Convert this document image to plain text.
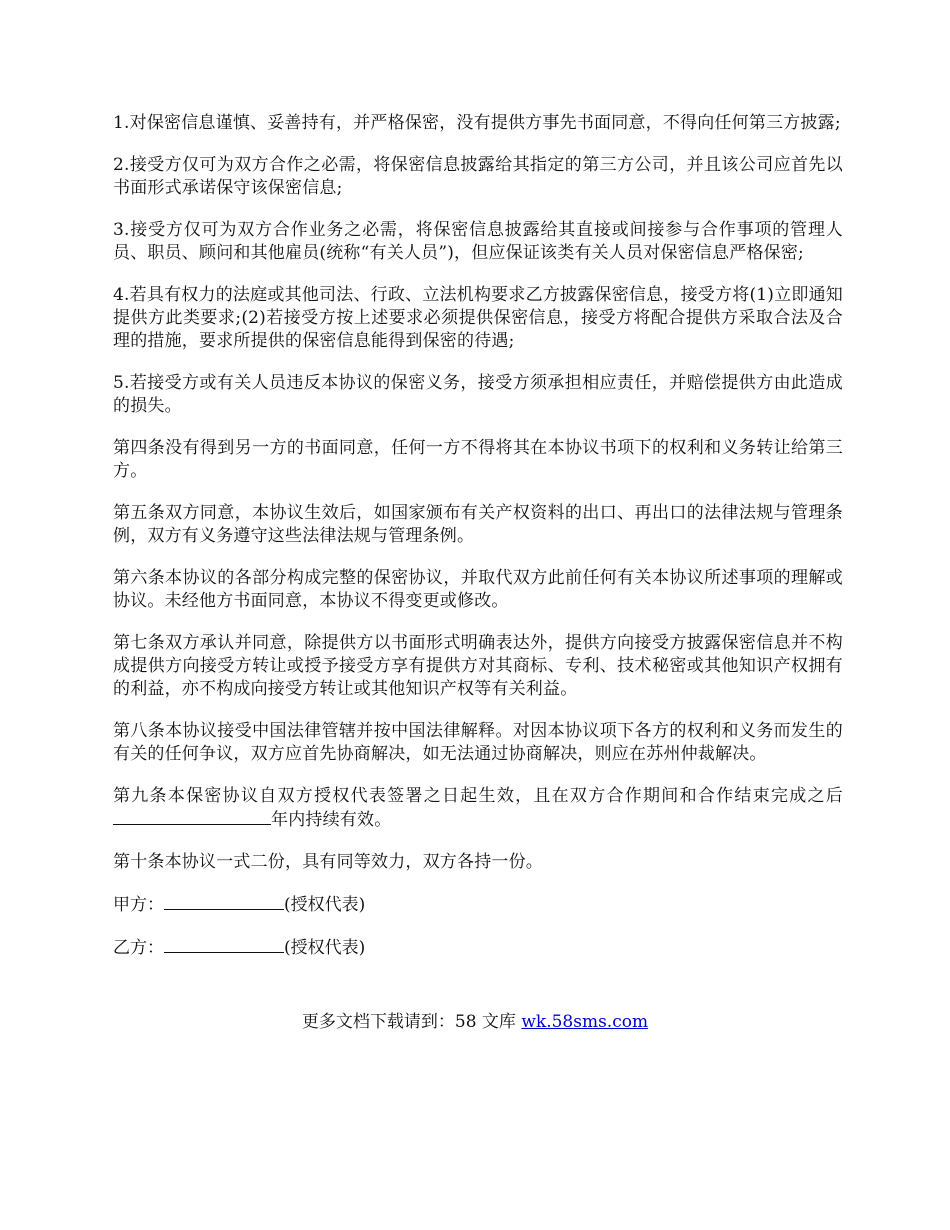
1.对保密信息谨慎、妥善持有，并严格保密，没有提供方事先书面同意，不得向任何第三方披露;

2.接受方仅可为双方合作之必需，将保密信息披露给其指定的第三方公司，并且该公司应首先以书面形式承诺保守该保密信息;

3.接受方仅可为双方合作业务之必需，将保密信息披露给其直接或间接参与合作事项的管理人员、职员、顾问和其他雇员(统称“有关人员”)，但应保证该类有关人员对保密信息严格保密;

4.若具有权力的法庭或其他司法、行政、立法机构要求乙方披露保密信息，接受方将(1)立即通知提供方此类要求;(2)若接受方按上述要求必须提供保密信息，接受方将配合提供方采取合法及合理的措施，要求所提供的保密信息能得到保密的待遇;

5.若接受方或有关人员违反本协议的保密义务，接受方须承担相应责任，并赔偿提供方由此造成的损失。

第四条没有得到另一方的书面同意，任何一方不得将其在本协议书项下的权利和义务转让给第三方。

第五条双方同意，本协议生效后，如国家颁布有关产权资料的出口、再出口的法律法规与管理条例，双方有义务遵守这些法律法规与管理条例。

第六条本协议的各部分构成完整的保密协议，并取代双方此前任何有关本协议所述事项的理解或协议。未经他方书面同意，本协议不得变更或修改。

第七条双方承认并同意，除提供方以书面形式明确表达外，提供方向接受方披露保密信息并不构成提供方向接受方转让或授予接受方享有提供方对其商标、专利、技术秘密或其他知识产权拥有的利益，亦不构成向接受方转让或其他知识产权等有关利益。

第八条本协议接受中国法律管辖并按中国法律解释。对因本协议项下各方的权利和义务而发生的有关的任何争议，双方应首先协商解决，如无法通过协商解决，则应在苏州仲裁解决。

第九条本保密协议自双方授权代表签署之日起生效，且在双方合作期间和合作结束完成之后年内持续有效。

第十条本协议一式二份，具有同等效力，双方各持一份。

甲方：	(授权代表)

乙方：	(授权代表)

更多文档下载请到：58 文库 wk.58sms.com
